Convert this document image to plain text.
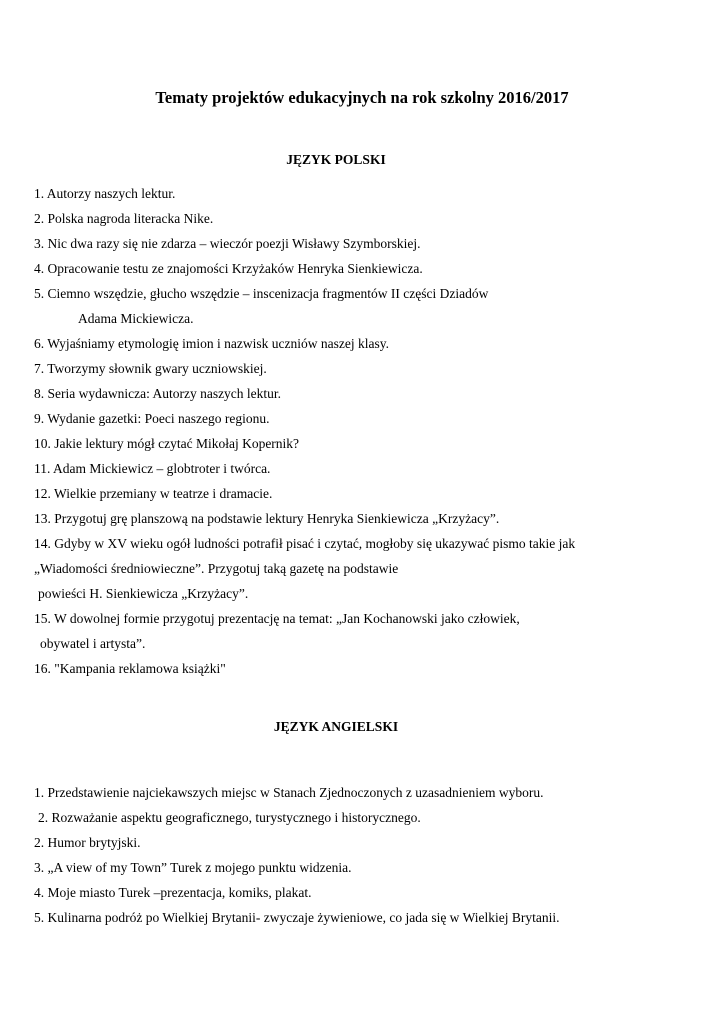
Tematy projektów edukacyjnych na rok szkolny 2016/2017
JĘZYK POLSKI
1. Autorzy naszych lektur.
2. Polska nagroda literacka Nike.
3. Nic dwa razy się nie zdarza – wieczór poezji Wisławy Szymborskiej.
4. Opracowanie testu ze znajomości Krzyżaków Henryka Sienkiewicza.
5. Ciemno wszędzie, głucho wszędzie – inscenizacja fragmentów II części Dziadów
Adama Mickiewicza.
6. Wyjaśniamy etymologię imion i nazwisk uczniów naszej klasy.
7. Tworzymy słownik gwary uczniowskiej.
8. Seria wydawnicza: Autorzy naszych lektur.
9. Wydanie gazetki: Poeci naszego regionu.
10. Jakie lektury mógł czytać Mikołaj Kopernik?
11. Adam Mickiewicz – globtroter i twórca.
12. Wielkie przemiany w teatrze i dramacie.
13. Przygotuj grę planszową na podstawie lektury Henryka Sienkiewicza „Krzyżacy”.
14. Gdyby w XV wieku ogół ludności potrafił pisać i czytać, mogłoby się ukazywać pismo takie jak
„Wiadomości średniowieczne”. Przygotuj taką gazetę na podstawie
powieści H. Sienkiewicza „Krzyżacy”.
15. W dowolnej formie przygotuj prezentację na temat: „Jan Kochanowski jako człowiek,
obywatel i artysta”.
16. "Kampania reklamowa książki"
JĘZYK ANGIELSKI
1. Przedstawienie najciekawszych miejsc w Stanach Zjednoczonych z uzasadnieniem wyboru.
2. Rozważanie aspektu geograficznego, turystycznego i historycznego.
2. Humor brytyjski.
3. „A view of my Town” Turek z mojego punktu widzenia.
4. Moje miasto Turek –prezentacja, komiks, plakat.
5. Kulinarna podróż po Wielkiej Brytanii- zwyczaje żywieniowe, co jada się w Wielkiej Brytanii.
